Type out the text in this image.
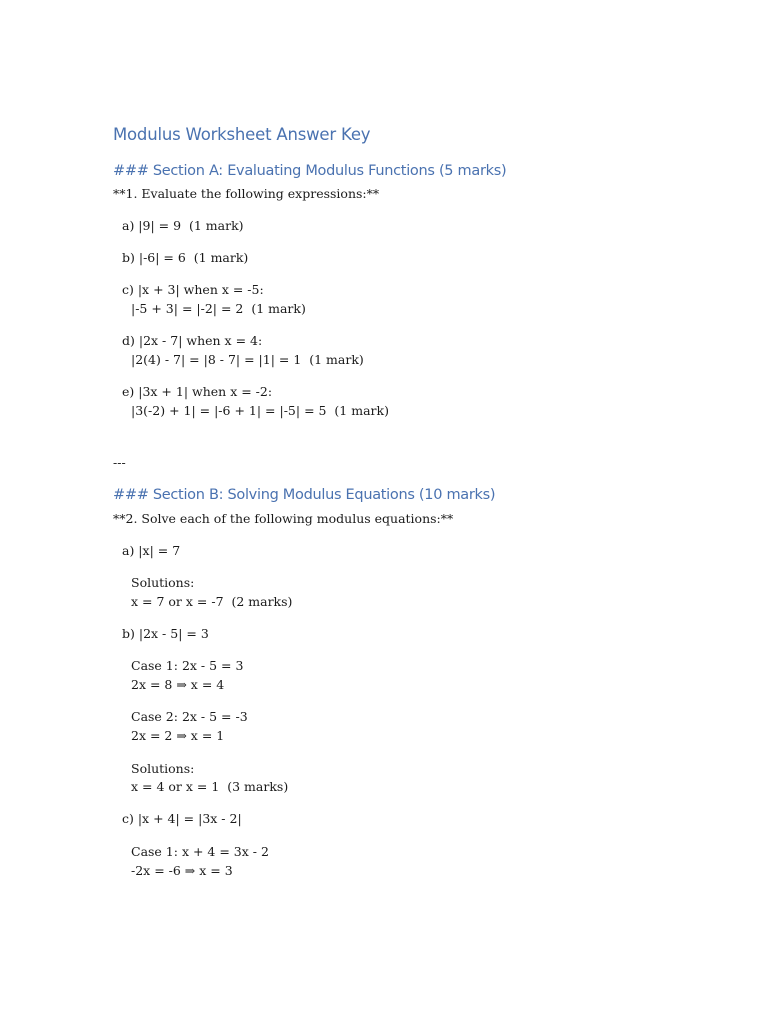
Modulus Worksheet Answer Key
### Section A: Evaluating Modulus Functions (5 marks)

**1. Evaluate the following expressions:**

a) |9| = 9  (1 mark)

b) |-6| = 6  (1 mark)

c) |x + 3| when x = -5:

|-5 + 3| = |-2| = 2  (1 mark)

d) |2x - 7| when x = 4:

|2(4) - 7| = |8 - 7| = |1| = 1  (1 mark)

e) |3x + 1| when x = -2:

|3(-2) + 1| = |-6 + 1| = |-5| = 5  (1 mark)

---

### Section B: Solving Modulus Equations (10 marks)

**2. Solve each of the following modulus equations:**

a) |x| = 7

Solutions:

x = 7 or x = -7  (2 marks)

b) |2x - 5| = 3

Case 1: 2x - 5 = 3

2x = 8 ⇒ x = 4

Case 2: 2x - 5 = -3

2x = 2 ⇒ x = 1

Solutions:

x = 4 or x = 1  (3 marks)

c) |x + 4| = |3x - 2|

Case 1: x + 4 = 3x - 2

-2x = -6 ⇒ x = 3
